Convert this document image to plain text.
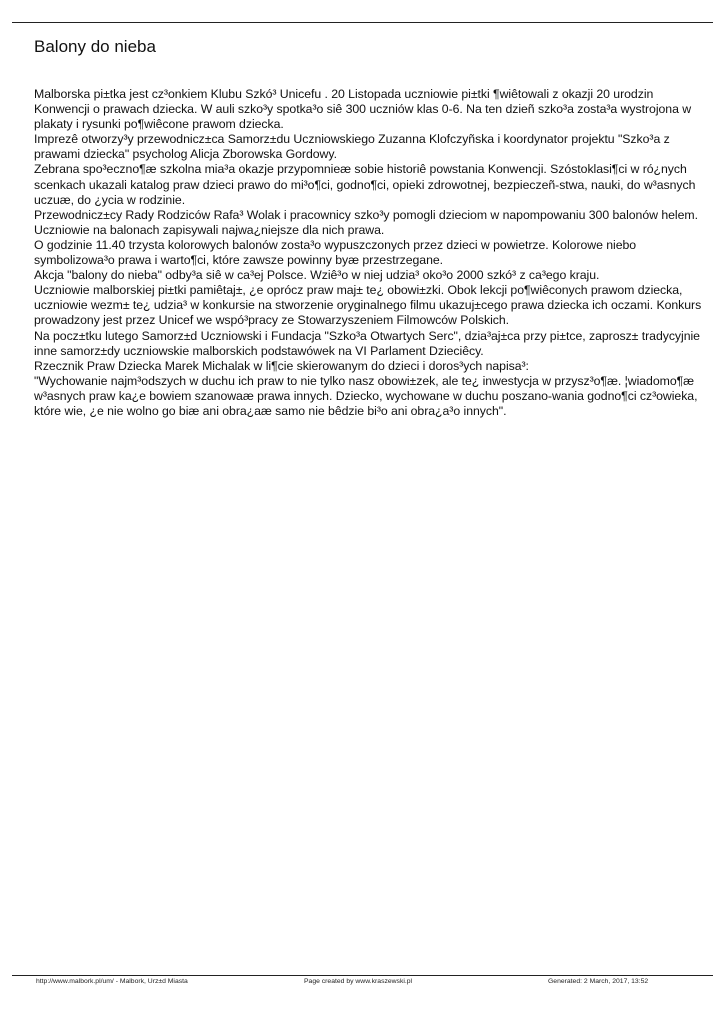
Balony do nieba

Malborska pi±tka jest cz³onkiem Klubu Szkó³ Unicefu . 20 Listopada uczniowie pi±tki ¶wiêtowali z okazji 20 urodzin Konwencji o prawach dziecka. W auli szko³y spotka³o siê 300 uczniów klas 0-6. Na ten dzieñ szko³a zosta³a wystrojona w plakaty i rysunki po¶wiêcone prawom dziecka.

Imprezê otworzy³y przewodnicz±ca Samorz±du Uczniowskiego Zuzanna Klofczyñska i koordynator projektu "Szko³a z prawami dziecka" psycholog Alicja Zborowska Gordowy.

Zebrana spo³eczno¶æ szkolna mia³a okazje przypomnieæ sobie historiê powstania Konwencji. Szóstoklasi¶ci w ró¿nych scenkach ukazali katalog praw dzieci prawo do mi³o¶ci, godno¶ci, opieki zdrowotnej, bezpieczeñ-stwa, nauki, do w³asnych uczuæ, do ¿ycia w rodzinie.

Przewodnicz±cy Rady Rodziców Rafa³ Wolak i pracownicy szko³y pomogli dzieciom w napompowaniu 300 balonów helem. Uczniowie na balonach zapisywali najwa¿niejsze dla nich prawa.

O godzinie 11.40 trzysta kolorowych balonów zosta³o wypuszczonych przez dzieci w powietrze. Kolorowe niebo symbolizowa³o prawa i warto¶ci, które zawsze powinny byæ przestrzegane.

Akcja "balony do nieba" odby³a siê w ca³ej Polsce. Wziê³o w niej udzia³ oko³o 2000 szkó³ z ca³ego kraju.

Uczniowie malborskiej pi±tki pamiêtaj±, ¿e oprócz praw maj± te¿ obowi±zki. Obok lekcji po¶wiêconych prawom dziecka, uczniowie wezm± te¿ udzia³ w konkursie na stworzenie oryginalnego filmu ukazuj±cego prawa dziecka ich oczami. Konkurs prowadzony jest przez Unicef we wspó³pracy ze Stowarzyszeniem Filmowców Polskich.

Na pocz±tku lutego Samorz±d Uczniowski i Fundacja "Szko³a Otwartych Serc", dzia³aj±ca przy pi±tce, zaprosz± tradycyjnie inne samorz±dy uczniowskie malborskich podstawówek na VI Parlament Dzieciêcy.

Rzecznik Praw Dziecka Marek Michalak w li¶cie skierowanym do dzieci i doros³ych napisa³:

"Wychowanie najm³odszych w duchu ich praw to nie tylko nasz obowi±zek, ale te¿ inwestycja w przysz³o¶æ. ¦wiadomo¶æ w³asnych praw ka¿e bowiem szanowaæ prawa innych. Dziecko, wychowane w duchu poszano-wania godno¶ci cz³owieka, które wie, ¿e nie wolno go biæ ani obra¿aæ samo nie bêdzie bi³o ani obra¿a³o innych".

http://www.malbork.pl/um/ - Malbork, Urz±d Miasta	Page created by www.kraszewski.pl	Generated: 2 March, 2017, 13:52
